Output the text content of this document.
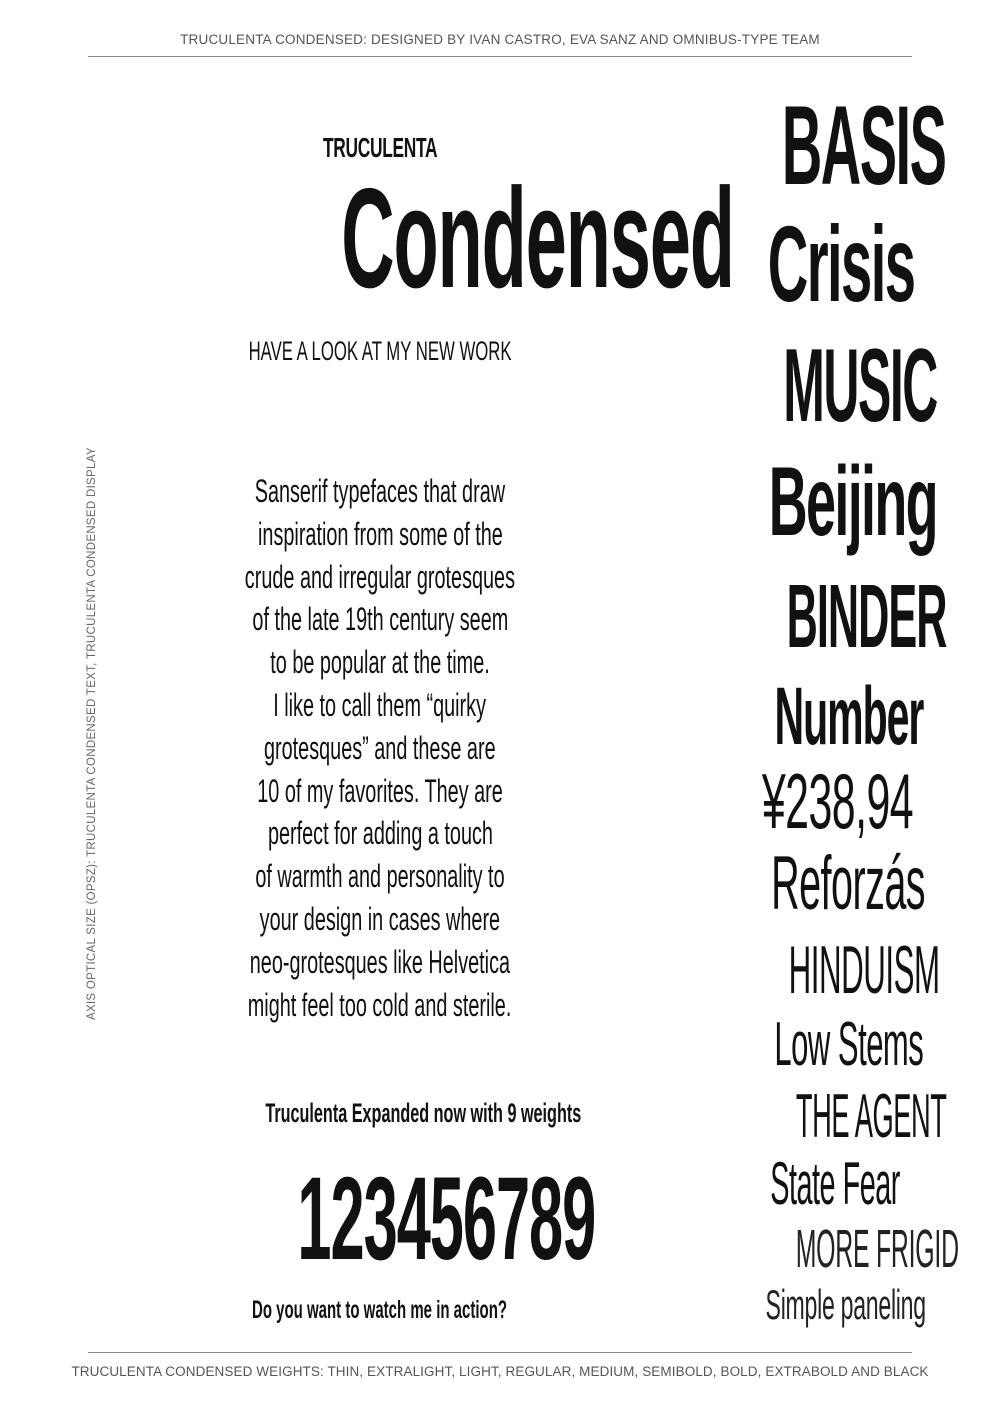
TRUCULENTA CONDENSED: DESIGNED BY IVAN CASTRO, EVA SANZ AND OMNIBUS-TYPE TEAM
AXIS OPTICAL SIZE (OPSZ): TRUCULENTA CONDENSED TEXT, TRUCULENTA CONDENSED DISPLAY
TRUCULENTA
Condensed
HAVE A LOOK AT MY NEW WORK
Sanserif typefaces that draw
inspiration from some of the
crude and irregular grotesques
of the late 19th century seem
to be popular at the time.
I like to call them “quirky
grotesques” and these are
10 of my favorites. They are
perfect for adding a touch
of warmth and personality to
your design in cases where
neo-grotesques like Helvetica
might feel too cold and sterile.
Truculenta Expanded now with 9 weights
123456789
Do you want to watch me in action?
BASIS
Crisis
MUSIC
Beijing
BINDER
Number
¥238,94
Reforzás
HINDUISM
Low Stems
THE AGENT
State Fear
MORE FRIGID
Simple paneling
TRUCULENTA CONDENSED WEIGHTS: THIN, EXTRALIGHT, LIGHT, REGULAR, MEDIUM, SEMIBOLD, BOLD, EXTRABOLD AND BLACK
